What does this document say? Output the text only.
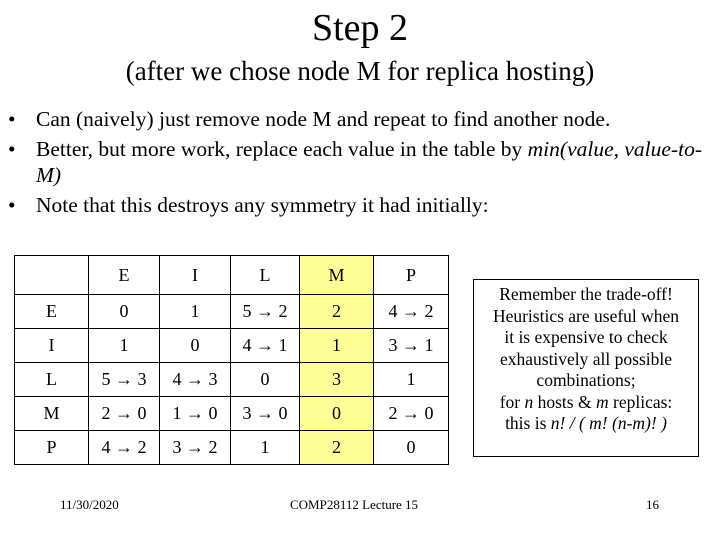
Step 2
(after we chose node M for replica hosting)
• Can (naively) just remove node M and repeat to find another node.
• Better, but more work, replace each value in the table by min(value, value-to-M)
• Note that this destroys any symmetry it had initially:
	E	I	L	M	P
E	0	1	5 → 2	2	4 → 2
I	1	0	4 → 1	1	3 → 1
L	5 → 3	4 → 3	0	3	1
M	2 → 0	1 → 0	3 → 0	0	2 → 0
P	4 → 2	3 → 2	1	2	0
Remember the trade-off!
Heuristics are useful when
it is expensive to check
exhaustively all possible
combinations;
for n hosts & m replicas:
this is n! / ( m! (n-m)! )
11/30/2020	COMP28112 Lecture 15	16
